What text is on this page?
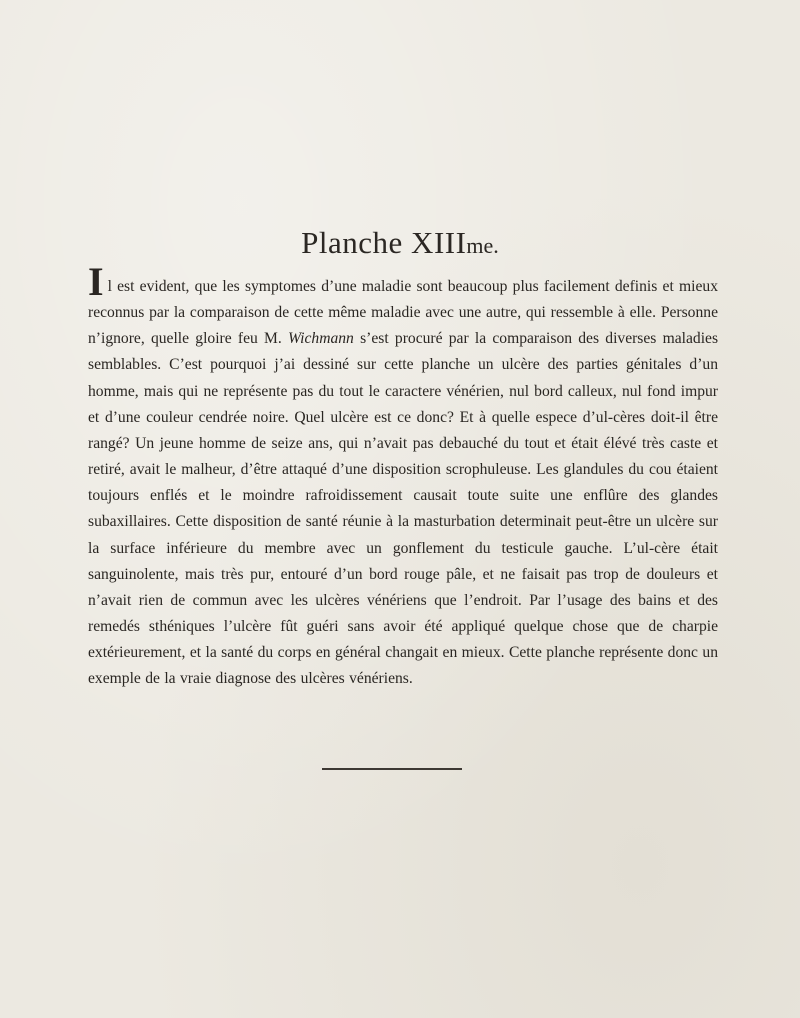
Planche XIIIme.
Il est evident, que les symptomes d’une maladie sont beaucoup plus facilement definis et mieux reconnus par la comparaison de cette même maladie avec une autre, qui ressemble à elle. Personne n’ignore, quelle gloire feu M. Wichmann s’est procuré par la comparaison des diverses maladies semblables. C’est pourquoi j’ai dessiné sur cette planche un ulcère des parties génitales d’un homme, mais qui ne représente pas du tout le caractere vénérien, nul bord calleux, nul fond impur et d’une couleur cendrée noire. Quel ulcère est ce donc? Et à quelle espece d’ul-cères doit-il être rangé? Un jeune homme de seize ans, qui n’avait pas debauché du tout et était élévé très caste et retiré, avait le malheur, d’être attaqué d’une disposition scrophuleuse. Les glandules du cou étaient toujours enflés et le moindre rafroidissement causait toute suite une enflûre des glandes subaxillaires. Cette disposition de santé réunie à la masturbation determinait peut-être un ulcère sur la surface inférieure du membre avec un gonflement du testicule gauche. L’ul-cère était sanguinolente, mais très pur, entouré d’un bord rouge pâle, et ne faisait pas trop de douleurs et n’avait rien de commun avec les ulcères vénériens que l’endroit. Par l’usage des bains et des remedés sthéniques l’ulcère fût guéri sans avoir été appliqué quelque chose que de charpie extérieurement, et la santé du corps en général changait en mieux. Cette planche représente donc un exemple de la vraie diagnose des ulcères vénériens.
